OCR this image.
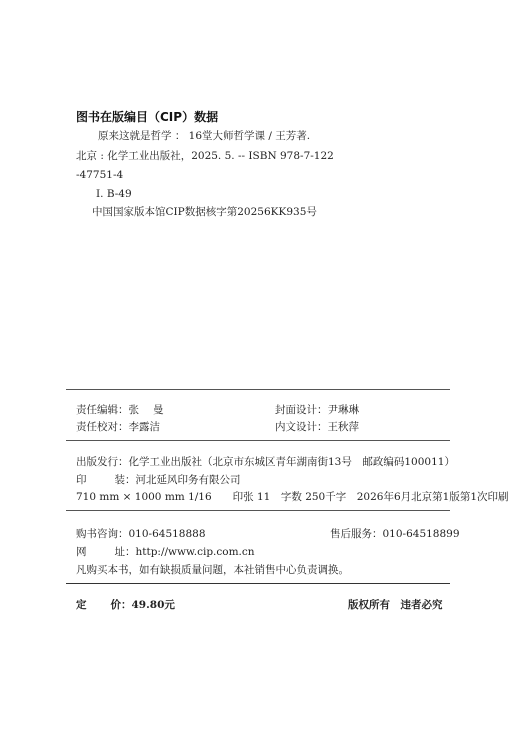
图书在版编目（CIP）数据
原来这就是哲学 ： 16堂大师哲学课 / 王芳著.
北京 : 化学工业出版社，2025. 5. -- ISBN 978-7-122
-47751-4
Ⅰ. B-49
中国国家版本馆CIP数据核字第20256KK935号
责任编辑：张 曼	封面设计：尹琳琳
责任校对：李露洁	内文设计：王秋萍
出版发行：化学工业出版社（北京市东城区青年湖南街13号　邮政编码100011）
印	装：河北延风印务有限公司
710 mm × 1000 mm 1/16　　印张 11　字数 250千字　2026年6月北京第1版第1次印刷
购书咨询：010-64518888	售后服务：010-64518899
网	址：http://www.cip.com.cn
凡购买本书，如有缺损质量问题，本社销售中心负责调换。
定 价：49.80元	版权所有　违者必究
